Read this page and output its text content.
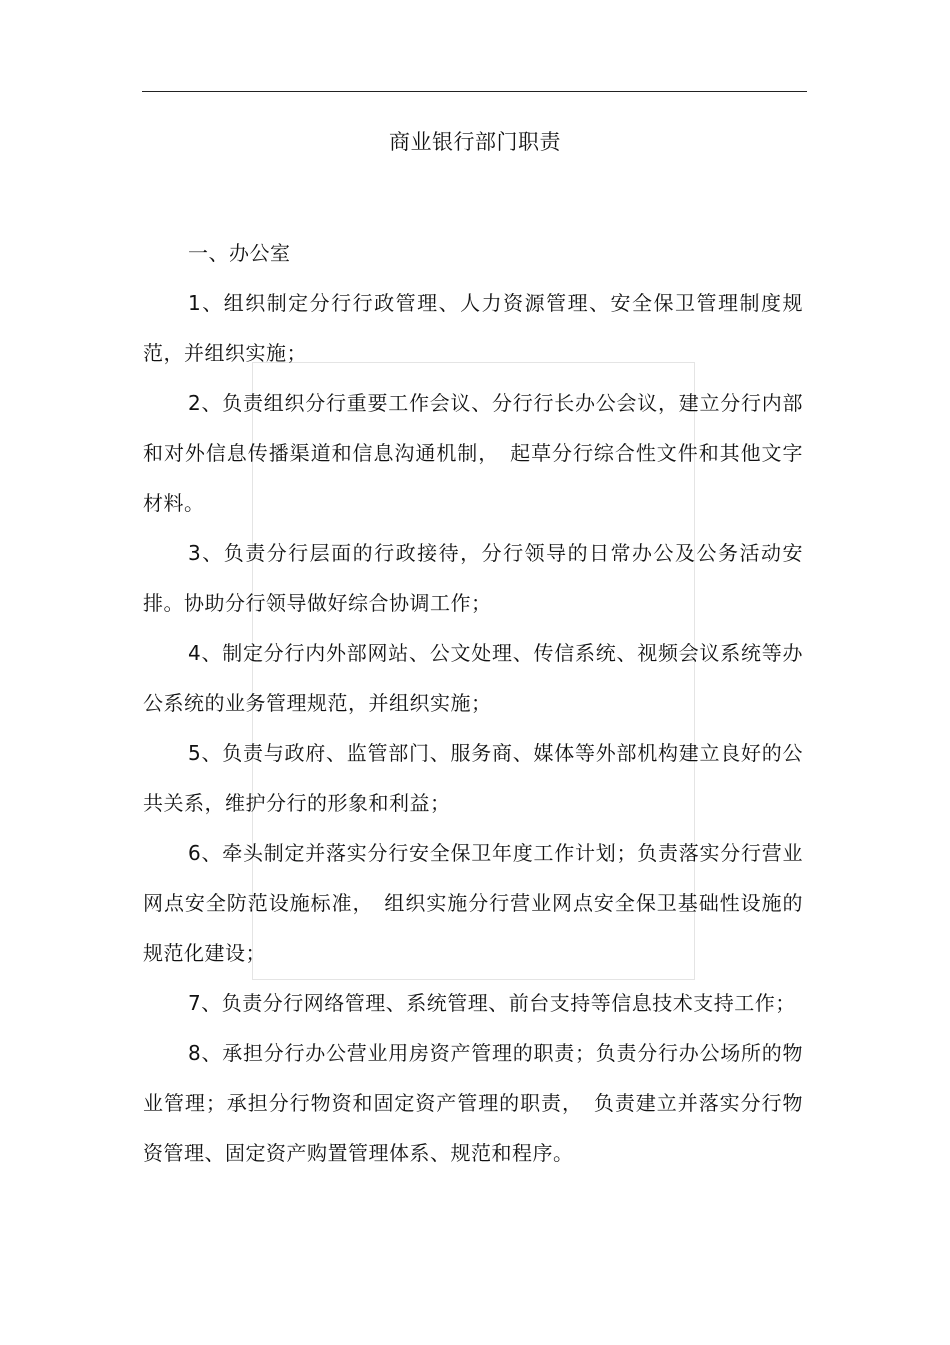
商业银行部门职责

一、办公室

1、组织制定分行行政管理、人力资源管理、安全保卫管理制度规范，并组织实施；

2、负责组织分行重要工作会议、分行行长办公会议，建立分行内部和对外信息传播渠道和信息沟通机制，　起草分行综合性文件和其他文字材料。

3、负责分行层面的行政接待，分行领导的日常办公及公务活动安排。协助分行领导做好综合协调工作；

4、制定分行内外部网站、公文处理、传信系统、视频会议系统等办公系统的业务管理规范，并组织实施；

5、负责与政府、监管部门、服务商、媒体等外部机构建立良好的公共关系，维护分行的形象和利益；

6、牵头制定并落实分行安全保卫年度工作计划；负责落实分行营业网点安全防范设施标准，　组织实施分行营业网点安全保卫基础性设施的规范化建设；

7、负责分行网络管理、系统管理、前台支持等信息技术支持工作；

8、承担分行办公营业用房资产管理的职责；负责分行办公场所的物业管理；承担分行物资和固定资产管理的职责，　负责建立并落实分行物资管理、固定资产购置管理体系、规范和程序。
